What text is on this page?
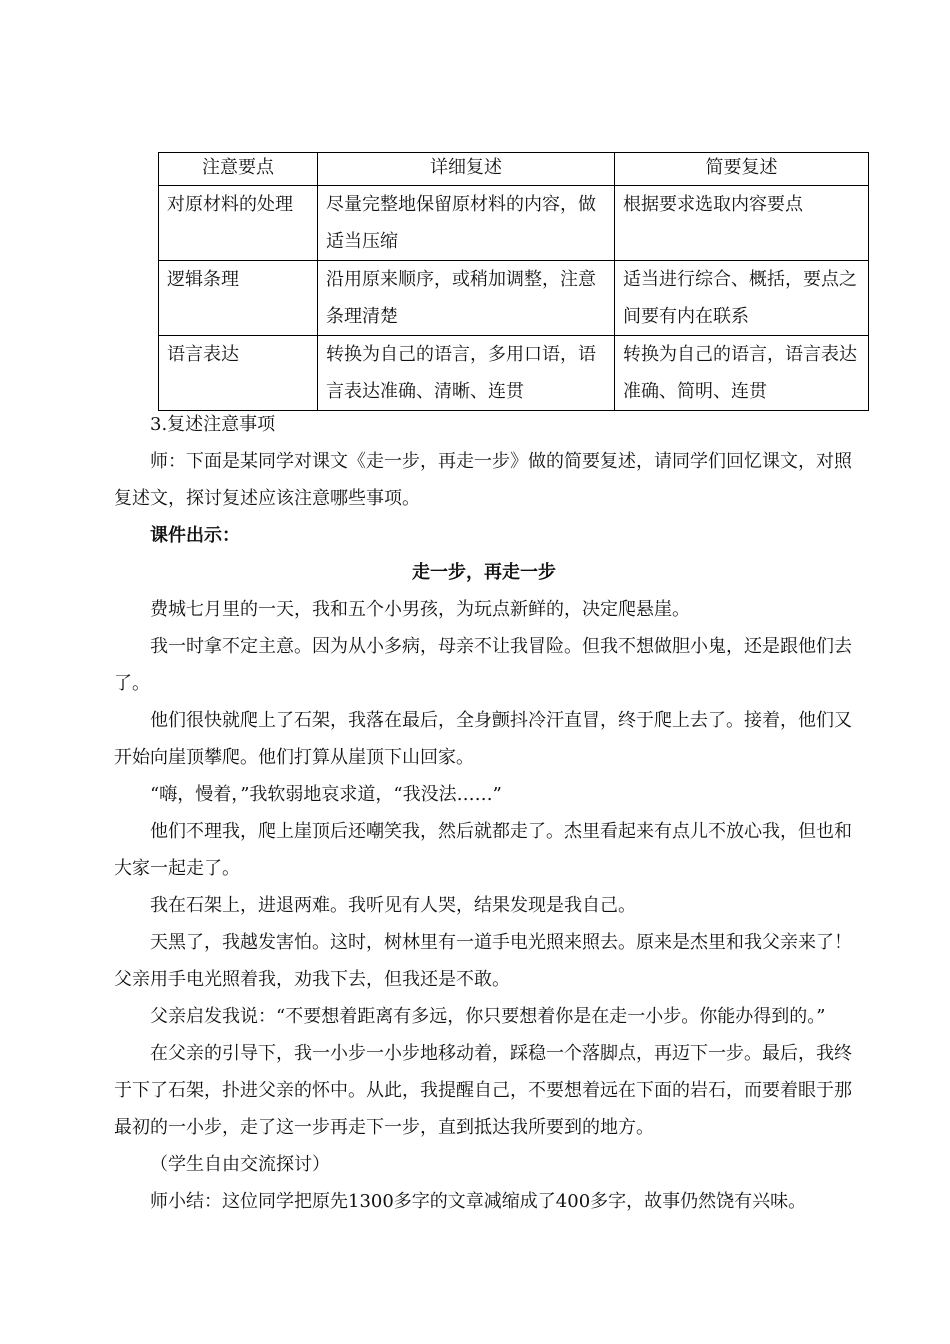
注意要点	详细复述	简要复述
对原材料的处理	尽量完整地保留原材料的内容，做适当压缩	根据要求选取内容要点
逻辑条理	沿用原来顺序，或稍加调整，注意条理清楚	适当进行综合、概括，要点之间要有内在联系
语言表达	转换为自己的语言，多用口语，语言表达准确、清晰、连贯	转换为自己的语言，语言表达准确、简明、连贯

3.复述注意事项

师：下面是某同学对课文《走一步，再走一步》做的简要复述，请同学们回忆课文，对照复述文，探讨复述应该注意哪些事项。

课件出示：

走一步，再走一步

费城七月里的一天，我和五个小男孩，为玩点新鲜的，决定爬悬崖。

我一时拿不定主意。因为从小多病，母亲不让我冒险。但我不想做胆小鬼，还是跟他们去了。

他们很快就爬上了石架，我落在最后，全身颤抖冷汗直冒，终于爬上去了。接着，他们又开始向崖顶攀爬。他们打算从崖顶下山回家。

“嗨，慢着，”我软弱地哀求道，“我没法……”

他们不理我，爬上崖顶后还嘲笑我，然后就都走了。杰里看起来有点儿不放心我，但也和大家一起走了。

我在石架上，进退两难。我听见有人哭，结果发现是我自己。

天黑了，我越发害怕。这时，树林里有一道手电光照来照去。原来是杰里和我父亲来了！父亲用手电光照着我，劝我下去，但我还是不敢。

父亲启发我说：“不要想着距离有多远，你只要想着你是在走一小步。你能办得到的。”

在父亲的引导下，我一小步一小步地移动着，踩稳一个落脚点，再迈下一步。最后，我终于下了石架，扑进父亲的怀中。从此，我提醒自己，不要想着远在下面的岩石，而要着眼于那最初的一小步，走了这一步再走下一步，直到抵达我所要到的地方。

（学生自由交流探讨）

师小结：这位同学把原先1300多字的文章减缩成了400多字，故事仍然饶有兴味。
